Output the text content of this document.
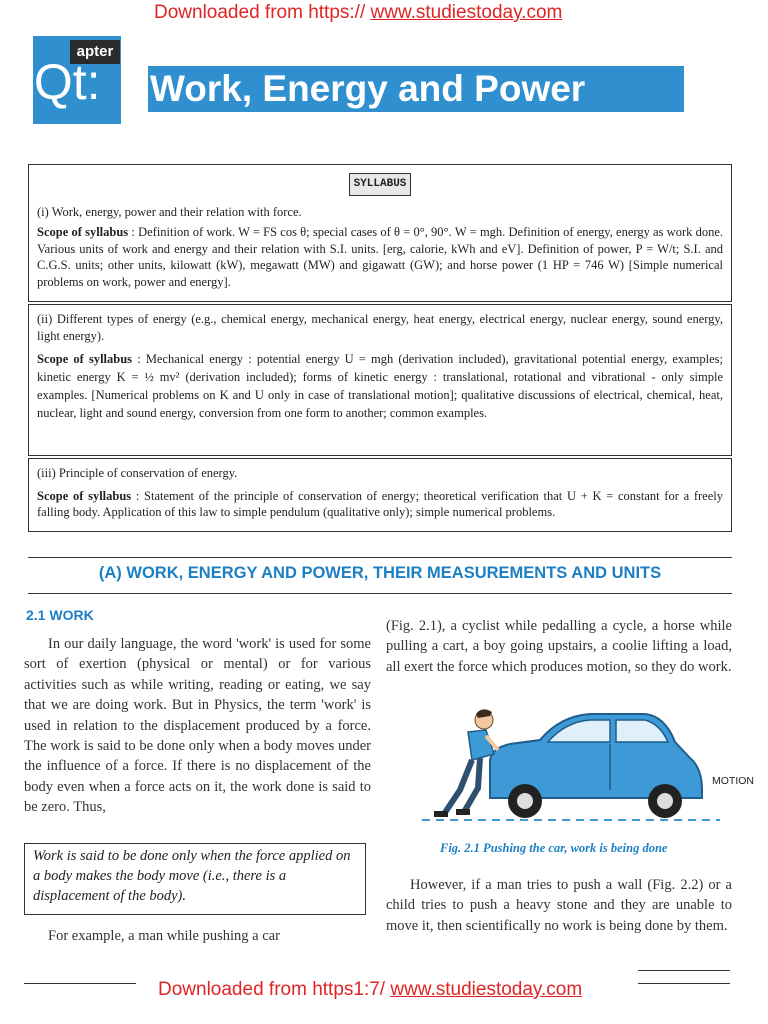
Downloaded from https:// www.studiestoday.com
apter
,Qt: Work, Energy and Power
SYLLABUS

(i) Work, energy, power and their relation with force.

Scope of syllabus : Definition of work. W = FS cos θ; special cases of θ = 0°, 90°. W = mgh. Definition of energy, energy as work done. Various units of work and energy and their relation with S.I. units. [erg, calorie, kWh and eV]. Definition of power, P = W/t; S.I. and C.G.S. units; other units, kilowatt (kW), megawatt (MW) and gigawatt (GW); and horse power (1 HP = 746 W) [Simple numerical problems on work, power and energy].

(ii) Different types of energy (e.g., chemical energy, mechanical energy, heat energy, electrical energy, nuclear energy, sound energy, light energy).

Scope of syllabus : Mechanical energy : potential energy U = mgh (derivation included), gravitational potential energy, examples; kinetic energy K = ½ mv² (derivation included); forms of kinetic energy : translational, rotational and vibrational - only simple examples. [Numerical problems on K and U only in case of translational motion]; qualitative discussions of electrical, chemical, heat, nuclear, light and sound energy, conversion from one form to another; common examples.

(iii) Principle of conservation of energy.

Scope of syllabus : Statement of the principle of conservation of energy; theoretical verification that U + K = constant for a freely falling body. Application of this law to simple pendulum (qualitative only); simple numerical problems.

(A) WORK, ENERGY AND POWER, THEIR MEASUREMENTS AND UNITS
2.1 WORK
In our daily language, the word 'work' is used for some sort of exertion (physical or mental) or for various activities such as while writing, reading or eating, we say that we are doing work. But in Physics, the term 'work' is used in relation to the displacement produced by a force. The work is said to be done only when a body moves under the influence of a force. If there is no displacement of the body even when a force acts on it, the work done is said to be zero. Thus,
Work is said to be done only when the force applied on a body makes the body move (i.e., there is a displacement of the body).
For example, a man while pushing a car
(Fig. 2.1), a cyclist while pedalling a cycle, a horse while pulling a cart, a boy going upstairs, a coolie lifting a load, all exert the force which produces motion, so they do work.
MOTION
Fig. 2.1 Pushing the car, work is being done
However, if a man tries to push a wall (Fig. 2.2) or a child tries to push a heavy stone and they are unable to move it, then scientifically no work is being done by them.
Downloaded from https1:7/ www.studiestoday.com
